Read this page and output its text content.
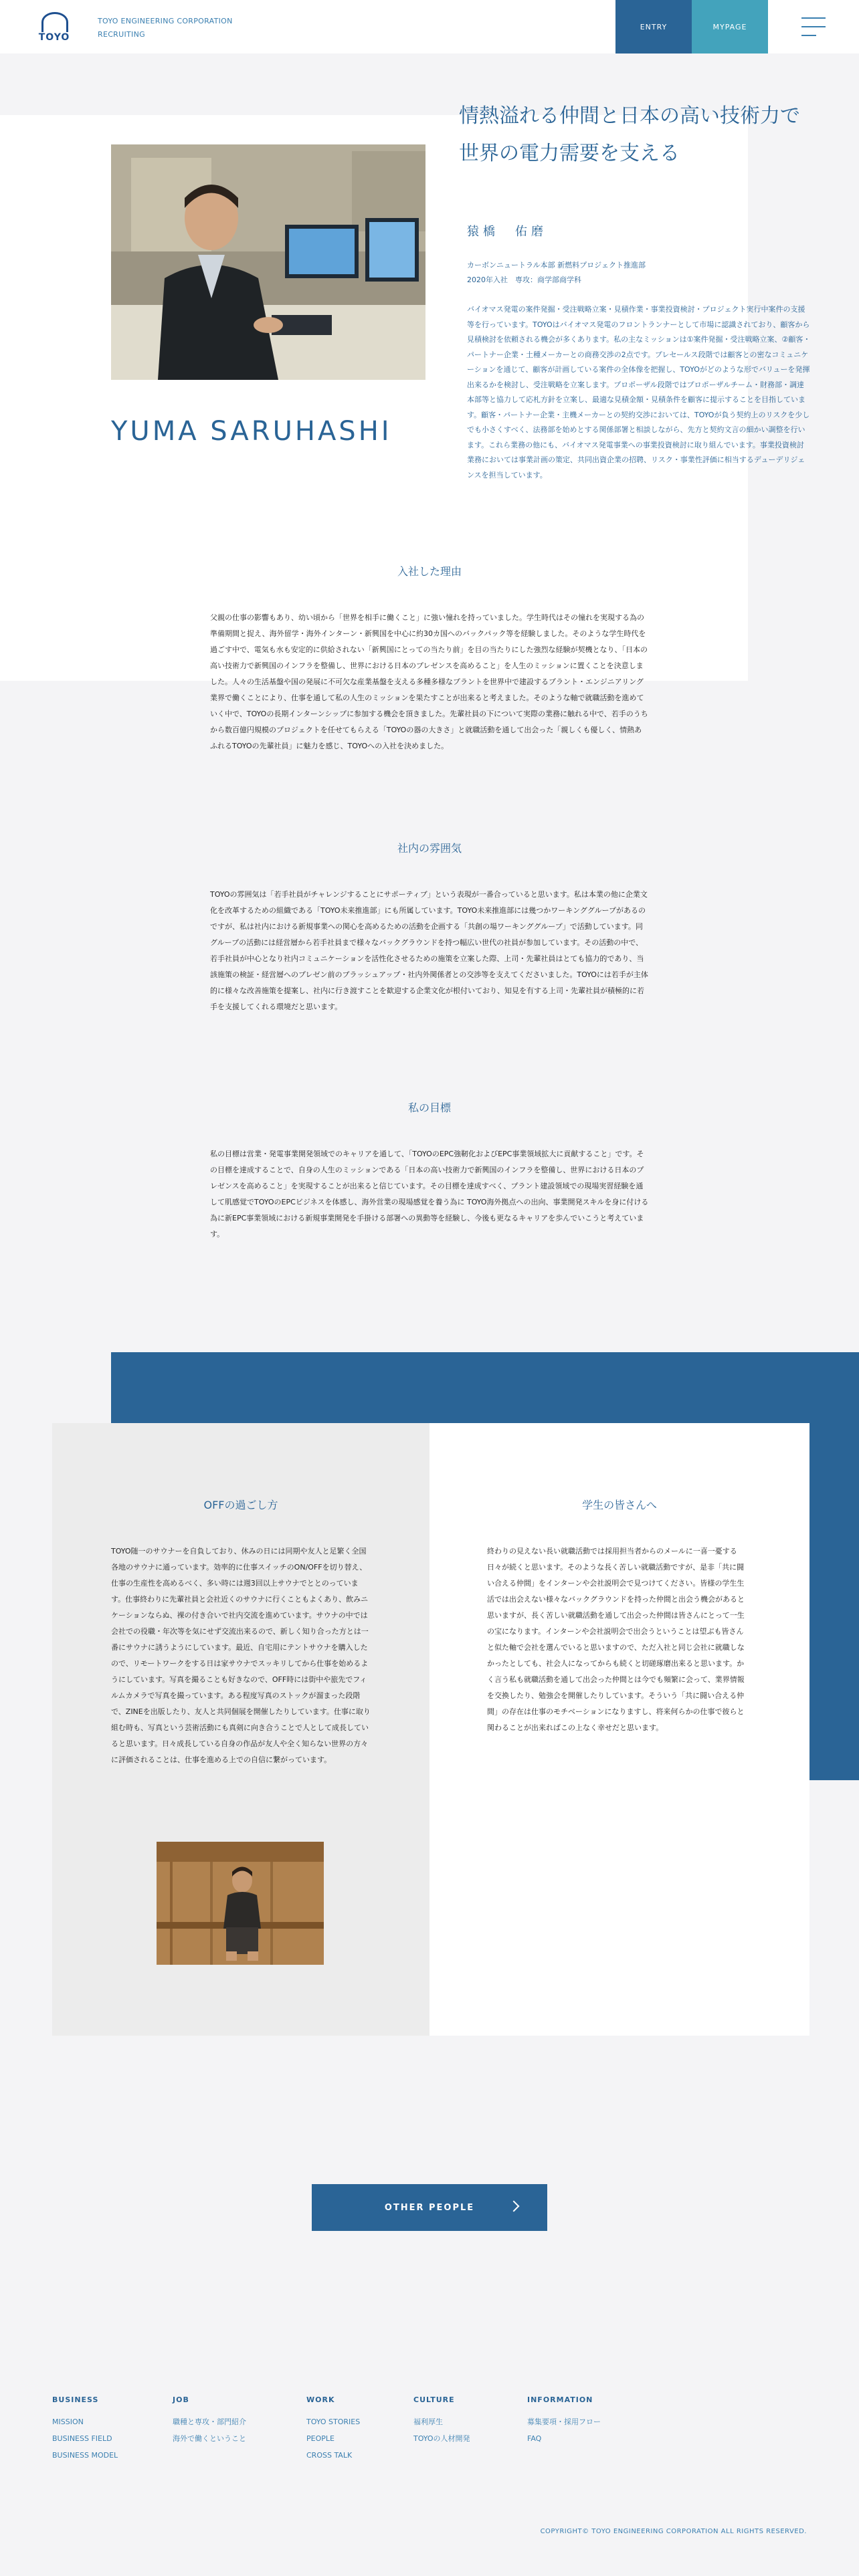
TOYO
TOYO ENGINEERING CORPORATION
RECRUITING
ENTRY	MYPAGE
YUMA SARUHASHI
情熱溢れる仲間と日本の高い技術力で
世界の電力需要を支える
猿橋　佑磨
カーボンニュートラル本部 新燃料プロジェクト推進部
2020年入社　専攻：商学部商学科
バイオマス発電の案件発掘・受注戦略立案・見積作業・事業投資検討・プロジェクト実行中案件の支援等を行っています。TOYOはバイオマス発電のフロントランナーとして市場に認識されており、顧客から見積検討を依頼される機会が多くあります。私の主なミッションは①案件発掘・受注戦略立案、②顧客・パートナー企業・土種メーカーとの商務交渉の2点です。プレセールス段階では顧客との密なコミュニケーションを通じて、顧客が計画している案件の全体像を把握し、TOYOがどのような形でバリューを発揮出来るかを検討し、受注戦略を立案します。プロポーザル段階ではプロポーザルチーム・財務部・調達本部等と協力して応札方針を立案し、最適な見積金額・見積条件を顧客に提示することを目指しています。顧客・パートナー企業・主機メーカーとの契約交渉においては、TOYOが負う契約上のリスクを少しでも小さくすべく、法務部を始めとする関係部署と相談しながら、先方と契約文言の細かい調整を行います。これら業務の他にも、バイオマス発電事業への事業投資検討に取り組んでいます。事業投資検討業務においては事業計画の策定、共同出資企業の招聘、リスク・事業性評価に相当するデューデリジェンスを担当しています。
入社した理由
父親の仕事の影響もあり、幼い頃から「世界を相手に働くこと」に強い憧れを持っていました。学生時代はその憧れを実現する為の準備期間と捉え、海外留学・海外インターン・新興国を中心に約30カ国へのバックパック等を経験しました。そのような学生時代を過ごす中で、電気も水も安定的に供給されない「新興国にとっての当たり前」を目の当たりにした強烈な経験が契機となり、「日本の高い技術力で新興国のインフラを整備し、世界における日本のプレゼンスを高めること」を人生のミッションに置くことを決意しました。人々の生活基盤や国の発展に不可欠な産業基盤を支える多種多様なプラントを世界中で建設するプラント・エンジニアリング業界で働くことにより、仕事を通して私の人生のミッションを果たすことが出来ると考えました。そのような軸で就職活動を進めていく中で、TOYOの長期インターンシップに参加する機会を頂きました。先輩社員の下について実際の業務に触れる中で、若手のうちから数百億円規模のプロジェクトを任せてもらえる「TOYOの器の大きさ」と就職活動を通して出会った「親しくも優しく、情熱あふれるTOYOの先輩社員」に魅力を感じ、TOYOへの入社を決めました。
社内の雰囲気
TOYOの雰囲気は「若手社員がチャレンジすることにサポーティブ」という表現が一番合っていると思います。私は本業の他に企業文化を改革するための組織である「TOYO未来推進部」にも所属しています。TOYO未来推進部には幾つかワーキンググループがあるのですが、私は社内における新規事業への関心を高めるための活動を企画する「共創の場ワーキンググループ」で活動しています。同グループの活動には経営層から若手社員まで様々なバックグラウンドを持つ幅広い世代の社員が参加しています。その活動の中で、若手社員が中心となり社内コミュニケーションを活性化させるための施策を立案した際、上司・先輩社員はとても協力的であり、当該施策の検証・経営層へのプレゼン前のブラッシュアップ・社内外関係者との交渉等を支えてくださいました。TOYOには若手が主体的に様々な改善施策を提案し、社内に行き渡すことを歓迎する企業文化が根付いており、知見を有する上司・先輩社員が積極的に若手を支援してくれる環境だと思います。
私の目標
私の目標は営業・発電事業開発領域でのキャリアを通して、「TOYOのEPC強靭化およびEPC事業領域拡大に貢献すること」です。その目標を達成することで、自身の人生のミッションである「日本の高い技術力で新興国のインフラを整備し、世界における日本のプレゼンスを高めること」を実現することが出来ると信じています。その目標を達成すべく、プラント建設領域での現場実習経験を通して肌感覚でTOYOのEPCビジネスを体感し、海外営業の現場感覚を養う為に TOYO海外拠点への出向、事業開発スキルを身に付ける為に新EPC事業領域における新規事業開発を手掛ける部署への異動等を経験し、今後も更なるキャリアを歩んでいこうと考えています。
OFFの過ごし方
TOYO随一のサウナーを自負しており、休みの日には同期や友人と足繁く全国各地のサウナに通っています。効率的に仕事スイッチのON/OFFを切り替え、仕事の生産性を高めるべく、多い時には週3回以上サウナでととのっています。仕事終わりに先輩社員と会社近くのサウナに行くこともよくあり、飲みニケーションならぬ、裸の付き合いで社内交流を進めています。サウナの中では会社での役職・年次等を気にせず交流出来るので、新しく知り合った方とは一番にサウナに誘うようにしています。最近、自宅用にテントサウナを購入したので、リモートワークをする日は家サウナでスッキリしてから仕事を始めるようにしています。写真を撮ることも好きなので、OFF時には街中や旅先でフィルムカメラで写真を撮っています。ある程度写真のストックが溜まった段階で、ZINEを出版したり、友人と共同個展を開催したりしています。仕事に取り組む時も、写真という芸術活動にも真剣に向き合うことで人として成長していると思います。日々成長している自身の作品が友人や全く知らない世界の方々に評価されることは、仕事を進める上での自信に繋がっています。
学生の皆さんへ
終わりの見えない長い就職活動では採用担当者からのメールに一喜一憂する日々が続くと思います。そのような長く苦しい就職活動ですが、是非「共に闘い合える仲間」をインターンや会社説明会で見つけてください。皆様の学生生活では出会えない様々なバックグラウンドを持った仲間と出会う機会があると思いますが、長く苦しい就職活動を通して出会った仲間は皆さんにとって一生の宝になります。インターンや会社説明会で出会うということは望ぶも皆さんと似た軸で会社を選んでいると思いますので、ただ入社と同じ会社に就職しなかったとしても、社会人になってからも続くと切磋琢磨出来ると思います。かく言う私も就職活動を通して出会った仲間とは今でも頻繁に会って、業界情報を交換したり、勉強会を開催したりしています。そういう「共に闘い合える仲間」の存在は仕事のモチベーションになりますし、将来何らかの仕事で彼らと関わることが出来ればこの上なく幸せだと思います。
OTHER PEOPLE
BUSINESS
MISSION
BUSINESS FIELD
BUSINESS MODEL
JOB
職種と専攻・部門紹介
海外で働くということ
WORK
TOYO STORIES
PEOPLE
CROSS TALK
CULTURE
福利厚生
TOYOの人材開発
INFORMATION
募集要項・採用フロー
FAQ
COPYRIGHT© TOYO ENGINEERING CORPORATION ALL RIGHTS RESERVED.
